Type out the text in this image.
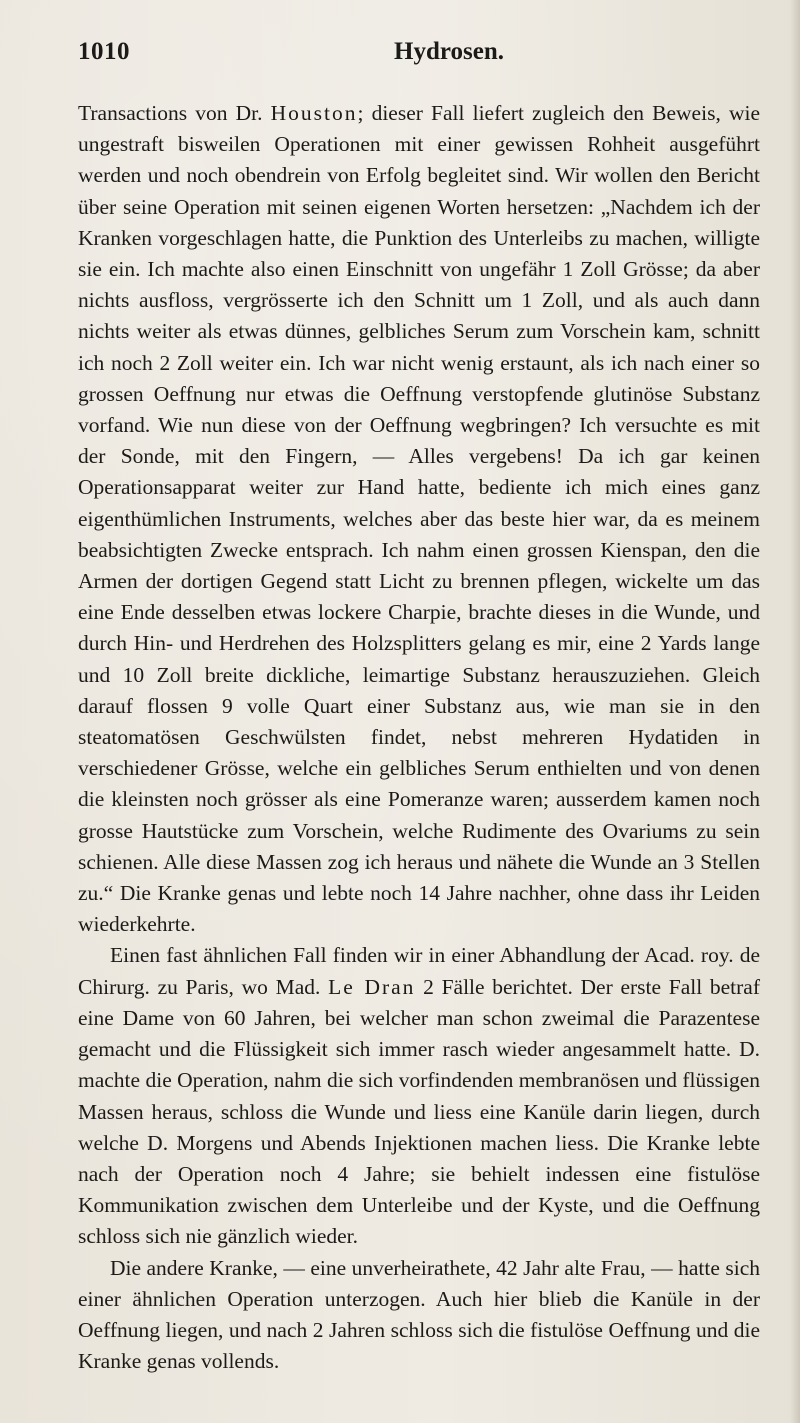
1010	Hydrosen.

Transactions von Dr. Houston; dieser Fall liefert zugleich den Beweis, wie ungestraft bisweilen Operationen mit einer gewissen Rohheit ausgeführt werden und noch obendrein von Erfolg begleitet sind. Wir wollen den Bericht über seine Operation mit seinen eigenen Worten hersetzen: „Nachdem ich der Kranken vorgeschlagen hatte, die Punktion des Unterleibs zu machen, willigte sie ein. Ich machte also einen Einschnitt von ungefähr 1 Zoll Grösse; da aber nichts ausfloss, vergrösserte ich den Schnitt um 1 Zoll, und als auch dann nichts weiter als etwas dünnes, gelbliches Serum zum Vorschein kam, schnitt ich noch 2 Zoll weiter ein. Ich war nicht wenig erstaunt, als ich nach einer so grossen Oeffnung nur etwas die Oeffnung verstopfende glutinöse Substanz vorfand. Wie nun diese von der Oeffnung wegbringen? Ich versuchte es mit der Sonde, mit den Fingern, — Alles vergebens! Da ich gar keinen Operationsapparat weiter zur Hand hatte, bediente ich mich eines ganz eigenthümlichen Instruments, welches aber das beste hier war, da es meinem beabsichtigten Zwecke entsprach. Ich nahm einen grossen Kienspan, den die Armen der dortigen Gegend statt Licht zu brennen pflegen, wickelte um das eine Ende desselben etwas lockere Charpie, brachte dieses in die Wunde, und durch Hin- und Herdrehen des Holzsplitters gelang es mir, eine 2 Yards lange und 10 Zoll breite dickliche, leimartige Substanz herauszuziehen. Gleich darauf flossen 9 volle Quart einer Substanz aus, wie man sie in den steatomatösen Geschwülsten findet, nebst mehreren Hydatiden in verschiedener Grösse, welche ein gelbliches Serum enthielten und von denen die kleinsten noch grösser als eine Pomeranze waren; ausserdem kamen noch grosse Hautstücke zum Vorschein, welche Rudimente des Ovariums zu sein schienen. Alle diese Massen zog ich heraus und nähete die Wunde an 3 Stellen zu.“ Die Kranke genas und lebte noch 14 Jahre nachher, ohne dass ihr Leiden wiederkehrte.

Einen fast ähnlichen Fall finden wir in einer Abhandlung der Acad. roy. de Chirurg. zu Paris, wo Mad. Le Dran 2 Fälle berichtet. Der erste Fall betraf eine Dame von 60 Jahren, bei welcher man schon zweimal die Parazentese gemacht und die Flüssigkeit sich immer rasch wieder angesammelt hatte. D. machte die Operation, nahm die sich vorfindenden membranösen und flüssigen Massen heraus, schloss die Wunde und liess eine Kanüle darin liegen, durch welche D. Morgens und Abends Injektionen machen liess. Die Kranke lebte nach der Operation noch 4 Jahre; sie behielt indessen eine fistulöse Kommunikation zwischen dem Unterleibe und der Kyste, und die Oeffnung schloss sich nie gänzlich wieder.

Die andere Kranke, — eine unverheirathete, 42 Jahr alte Frau, — hatte sich einer ähnlichen Operation unterzogen. Auch hier blieb die Kanüle in der Oeffnung liegen, und nach 2 Jahren schloss sich die fistulöse Oeffnung und die Kranke genas vollends.
